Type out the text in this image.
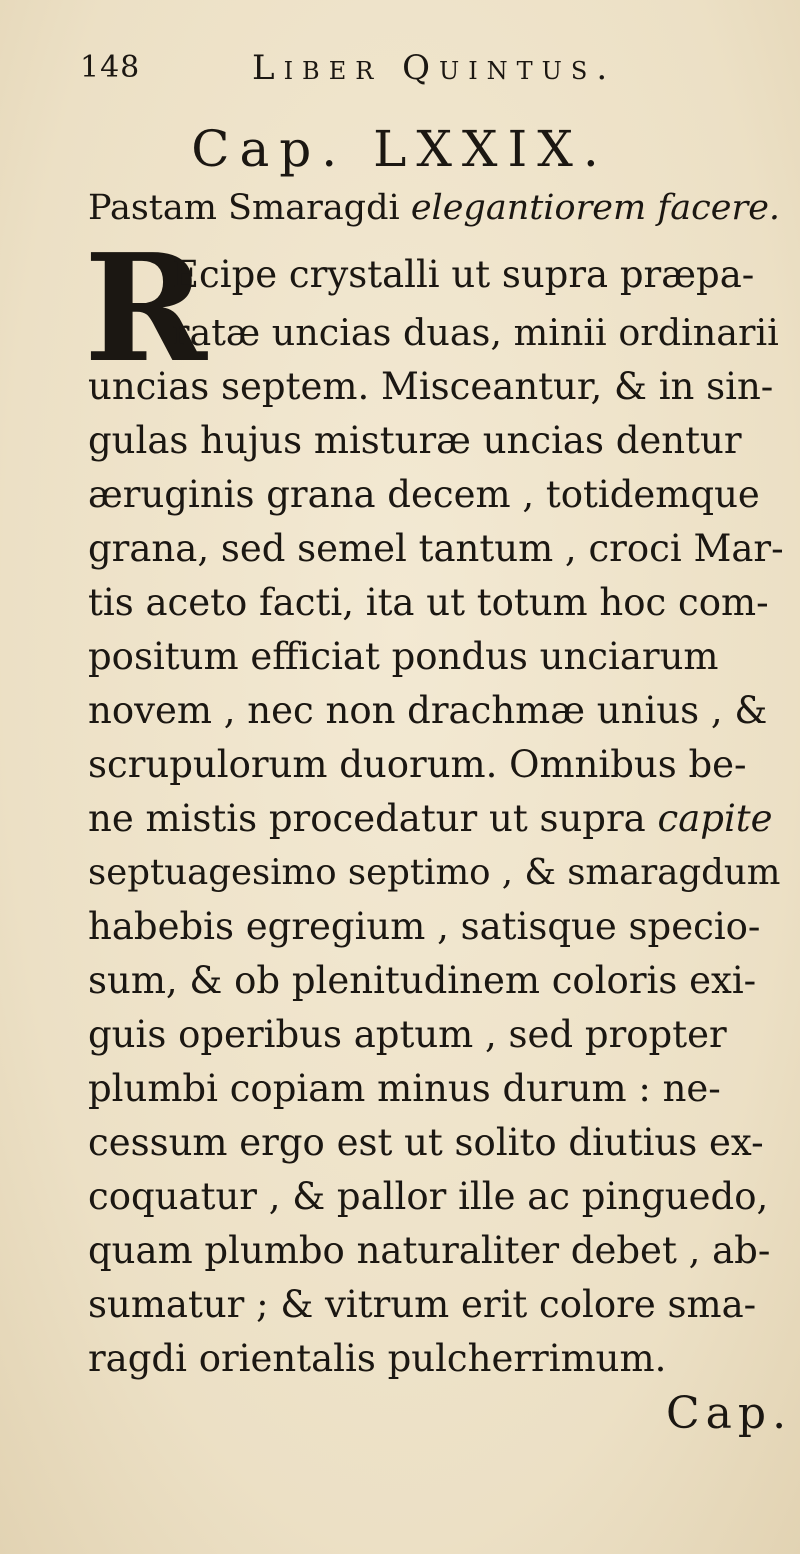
148	Liber Quintus.
Cap. LXXIX.
Pastam Smaragdi elegantiorem facere.
R
Ecipe crystalli ut supra præpa-
ratæ uncias duas, minii ordinarii
uncias septem. Misceantur, & in sin-
gulas hujus misturæ uncias dentur
æruginis grana decem , totidemque
grana, sed semel tantum , croci Mar-
tis aceto facti, ita ut totum hoc com-
positum efficiat pondus unciarum
novem , nec non drachmæ unius , &
scrupulorum duorum. Omnibus be-
ne mistis procedatur ut supra capite
septuagesimo septimo , & smaragdum
habebis egregium , satisque specio-
sum, & ob plenitudinem coloris exi-
guis operibus aptum , sed propter
plumbi copiam minus durum : ne-
cessum ergo est ut solito diutius ex-
coquatur , & pallor ille ac pinguedo,
quam plumbo naturaliter debet , ab-
sumatur ; & vitrum erit colore sma-
ragdi orientalis pulcherrimum.
Cap.
